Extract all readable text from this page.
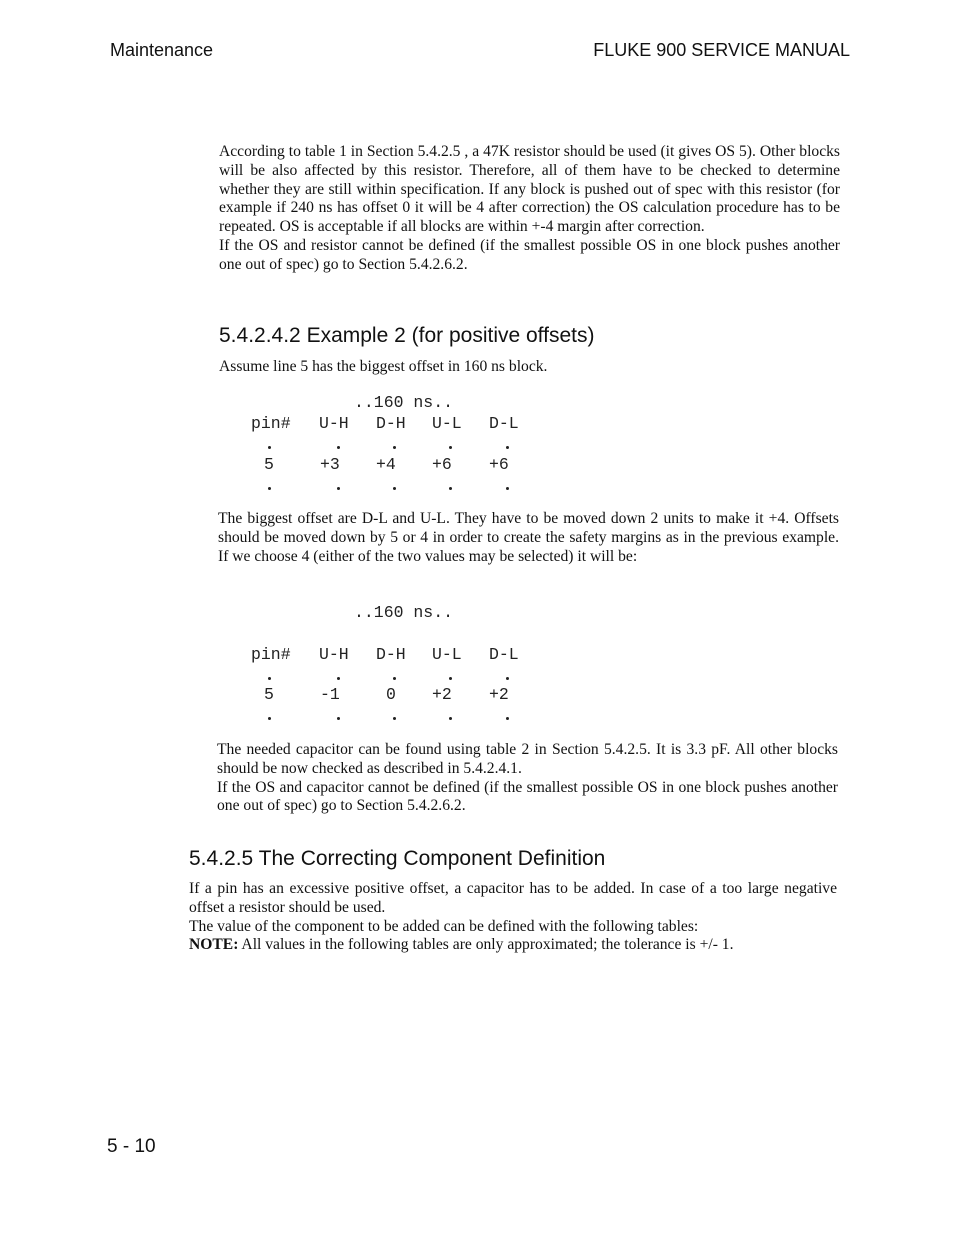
Maintenance	FLUKE 900 SERVICE MANUAL

According to table 1 in Section 5.4.2.5 , a 47K resistor should be used (it gives OS 5). Other blocks will be also affected by this resistor. Therefore, all of them have to be checked to determine whether they are still within specification. If any block is pushed out of spec with this resistor (for example if 240 ns has offset 0 it will be 4 after correction) the OS calculation procedure has to be repeated. OS is acceptable if all blocks are within +-4 margin after correction.

If the OS and resistor cannot be defined (if the smallest possible OS in one block pushes another one out of spec) go to Section 5.4.2.6.2.

5.4.2.4.2 Example 2 (for positive offsets)
Assume line 5 has the biggest offset in 160 ns block.
..160 ns..
pin# U-H D-H U-L D-L
5	+3 +4 +6 +6
The biggest offset are D-L and U-L. They have to be moved down 2 units to make it +4. Offsets should be moved down by 5 or 4 in order to create the safety margins as in the previous example. If we choose 4 (either of the two values may be selected) it will be:
..160 ns..
pin# U-H D-H U-L D-L
5	-1	0 +2 +2

The needed capacitor can be found using table 2 in Section 5.4.2.5. It is 3.3 pF. All other blocks should be now checked as described in 5.4.2.4.1.

If the OS and capacitor cannot be defined (if the smallest possible OS in one block pushes another one out of spec) go to Section 5.4.2.6.2.

5.4.2.5 The Correcting Component Definition

If a pin has an excessive positive offset, a capacitor has to be added. In case of a too large negative offset a resistor should be used.

The value of the component to be added can be defined with the following tables:

NOTE: All values in the following tables are only approximated; the tolerance is +/- 1.

5 - 10
